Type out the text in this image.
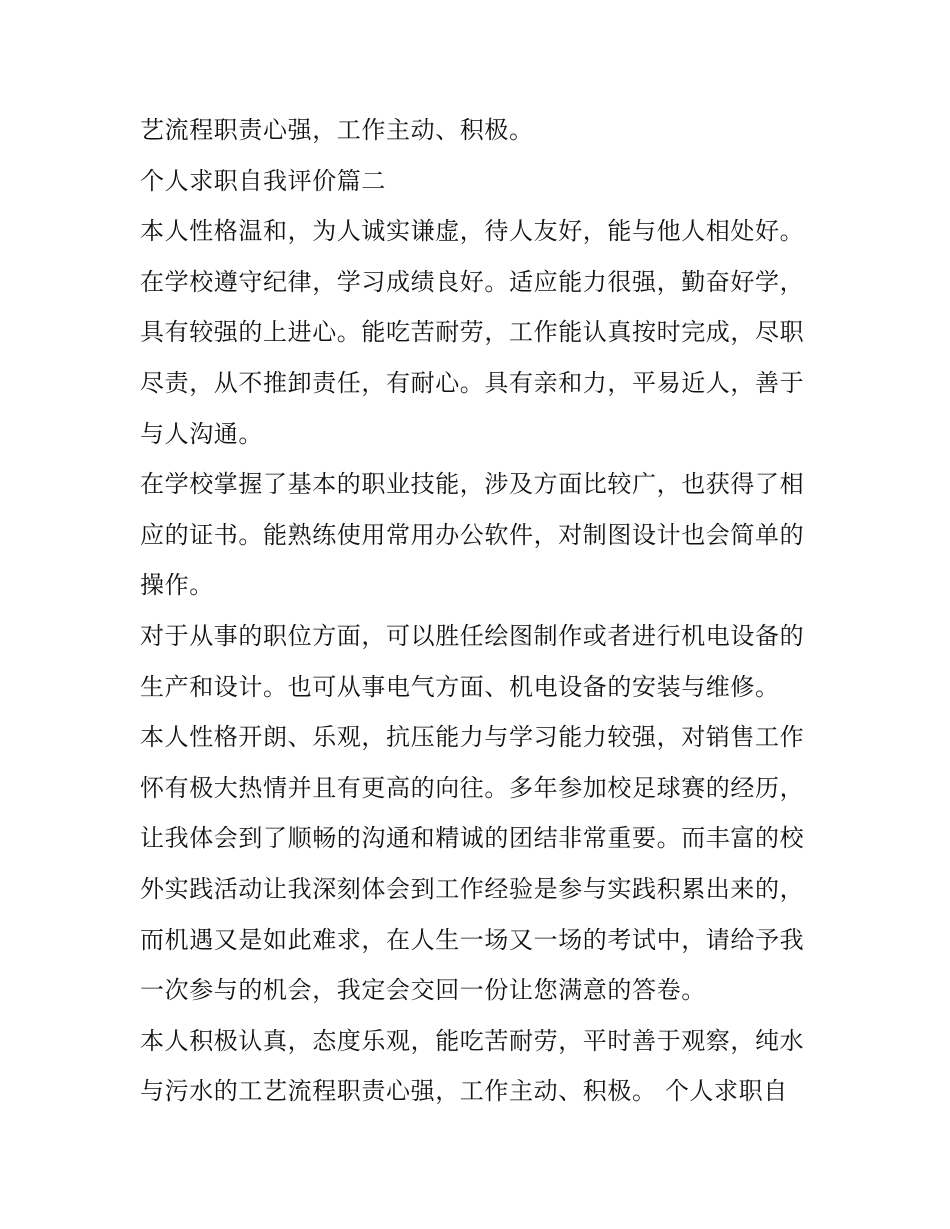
艺流程职责心强，工作主动、积极。
个人求职自我评价篇二
本人性格温和，为人诚实谦虚，待人友好，能与他人相处好。
在学校遵守纪律，学习成绩良好。适应能力很强，勤奋好学，
具有较强的上进心。能吃苦耐劳，工作能认真按时完成，尽职
尽责，从不推卸责任，有耐心。具有亲和力，平易近人，善于
与人沟通。
在学校掌握了基本的职业技能，涉及方面比较广，也获得了相
应的证书。能熟练使用常用办公软件，对制图设计也会简单的
操作。
对于从事的职位方面，可以胜任绘图制作或者进行机电设备的
生产和设计。也可从事电气方面、机电设备的安装与维修。
本人性格开朗、乐观，抗压能力与学习能力较强，对销售工作
怀有极大热情并且有更高的向往。多年参加校足球赛的经历，
让我体会到了顺畅的沟通和精诚的团结非常重要。而丰富的校
外实践活动让我深刻体会到工作经验是参与实践积累出来的，
而机遇又是如此难求，在人生一场又一场的考试中，请给予我
一次参与的机会，我定会交回一份让您满意的答卷。
本人积极认真，态度乐观，能吃苦耐劳，平时善于观察，纯水
与污水的工艺流程职责心强，工作主动、积极。 个人求职自
